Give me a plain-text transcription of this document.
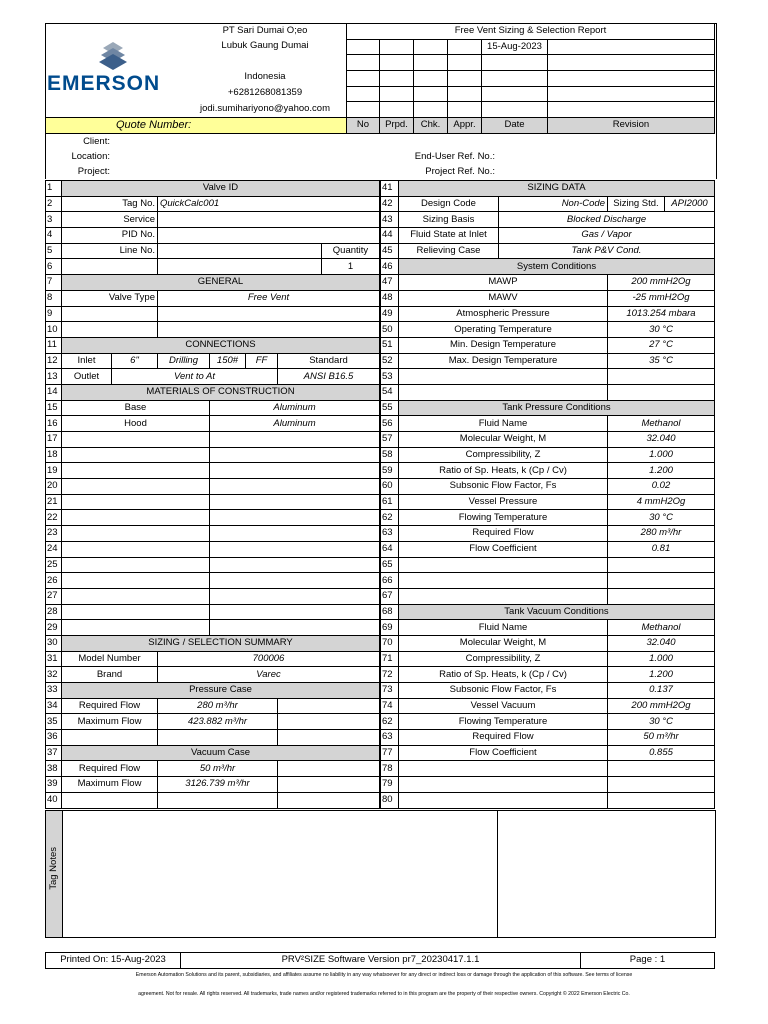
EMERSON
PT Sari Dumai O;eo
Lubuk Gaung Dumai
Indonesia
+6281268081359
jodi.sumihariyono@yahoo.com
Free Vent Sizing & Selection Report					
				15-Aug-2023	

Quote Number:	No	Prpd.	Chk.	Appr.	Date	Revision
Client:
Location:
Project:
End-User Ref. No.:
Project Ref. No.:
1	Valve ID						
2	Tag No.		QuickCalc001				
3	Service						
4	PID No.						
5	Line No.						Quantity
6							1
7	GENERAL						
8	Valve Type		Free Vent				
9							
10							
11	CONNECTIONS						
12	Inlet	6"	Drilling	150#	FF	Standard	
13	Outlet	Vent to At				ANSI B16.5	
14	MATERIALS OF CONSTRUCTION						
15	Base			Aluminum			
16	Hood			Aluminum			
17							
18							
19							
20							
21							
22							
23							
24							
25							
26							
27							
28							
29							
30	SIZING / SELECTION SUMMARY						
31	Model Number		700006				
32	Brand		Varec				
33	Pressure Case						
34	Required Flow		280 m³/hr				
35	Maximum Flow		423.882 m³/hr				
36							
37	Vacuum Case						
38	Required Flow		50 m³/hr				
39	Maximum Flow		3126.739 m³/hr				
40							
41	SIZING DATA			
42	Design Code	Non-Code	Sizing Std.	API2000
43	Sizing Basis	Blocked Discharge		
44	Fluid State at Inlet	Gas / Vapor		
45	Relieving Case	Tank P&V Cond.		
46	System Conditions			
47	MAWP		200 mmH2Og	
48	MAWV		-25 mmH2Og	
49	Atmospheric Pressure		1013.254 mbara	
50	Operating Temperature		30 °C	
51	Min. Design Temperature		27 °C	
52	Max. Design Temperature		35 °C	
53				
54				
55	Tank Pressure Conditions			
56	Fluid Name		Methanol	
57	Molecular Weight, M		32.040	
58	Compressibility, Z		1.000	
59	Ratio of Sp. Heats, k (Cp / Cv)		1.200	
60	Subsonic Flow Factor, Fs		0.02	
61	Vessel Pressure		4 mmH2Og	
62	Flowing Temperature		30 °C	
63	Required Flow		280 m³/hr	
64	Flow Coefficient		0.81	
65				
66				
67				
68	Tank Vacuum Conditions			
69	Fluid Name		Methanol	
70	Molecular Weight, M		32.040	
71	Compressibility, Z		1.000	
72	Ratio of Sp. Heats, k (Cp / Cv)		1.200	
73	Subsonic Flow Factor, Fs		0.137	
74	Vessel Vacuum		200 mmH2Og	
62	Flowing Temperature		30 °C	
63	Required Flow		50 m³/hr	
77	Flow Coefficient		0.855	
78				
79				
80				
Tag Notes
Printed On: 15-Aug-2023	PRV²SIZE Software Version pr7_20230417.1.1	Page : 1
Emerson Automation Solutions and its parent, subsidiaries, and affiliates assume no liability in any way whatsoever for any direct or indirect loss or damage through the application of this software. See terms of license
agreement. Not for resale. All rights reserved. All trademarks, trade names and/or registered trademarks referred to in this program are the property of their respective owners. Copyright © 2022 Emerson Electric Co.
